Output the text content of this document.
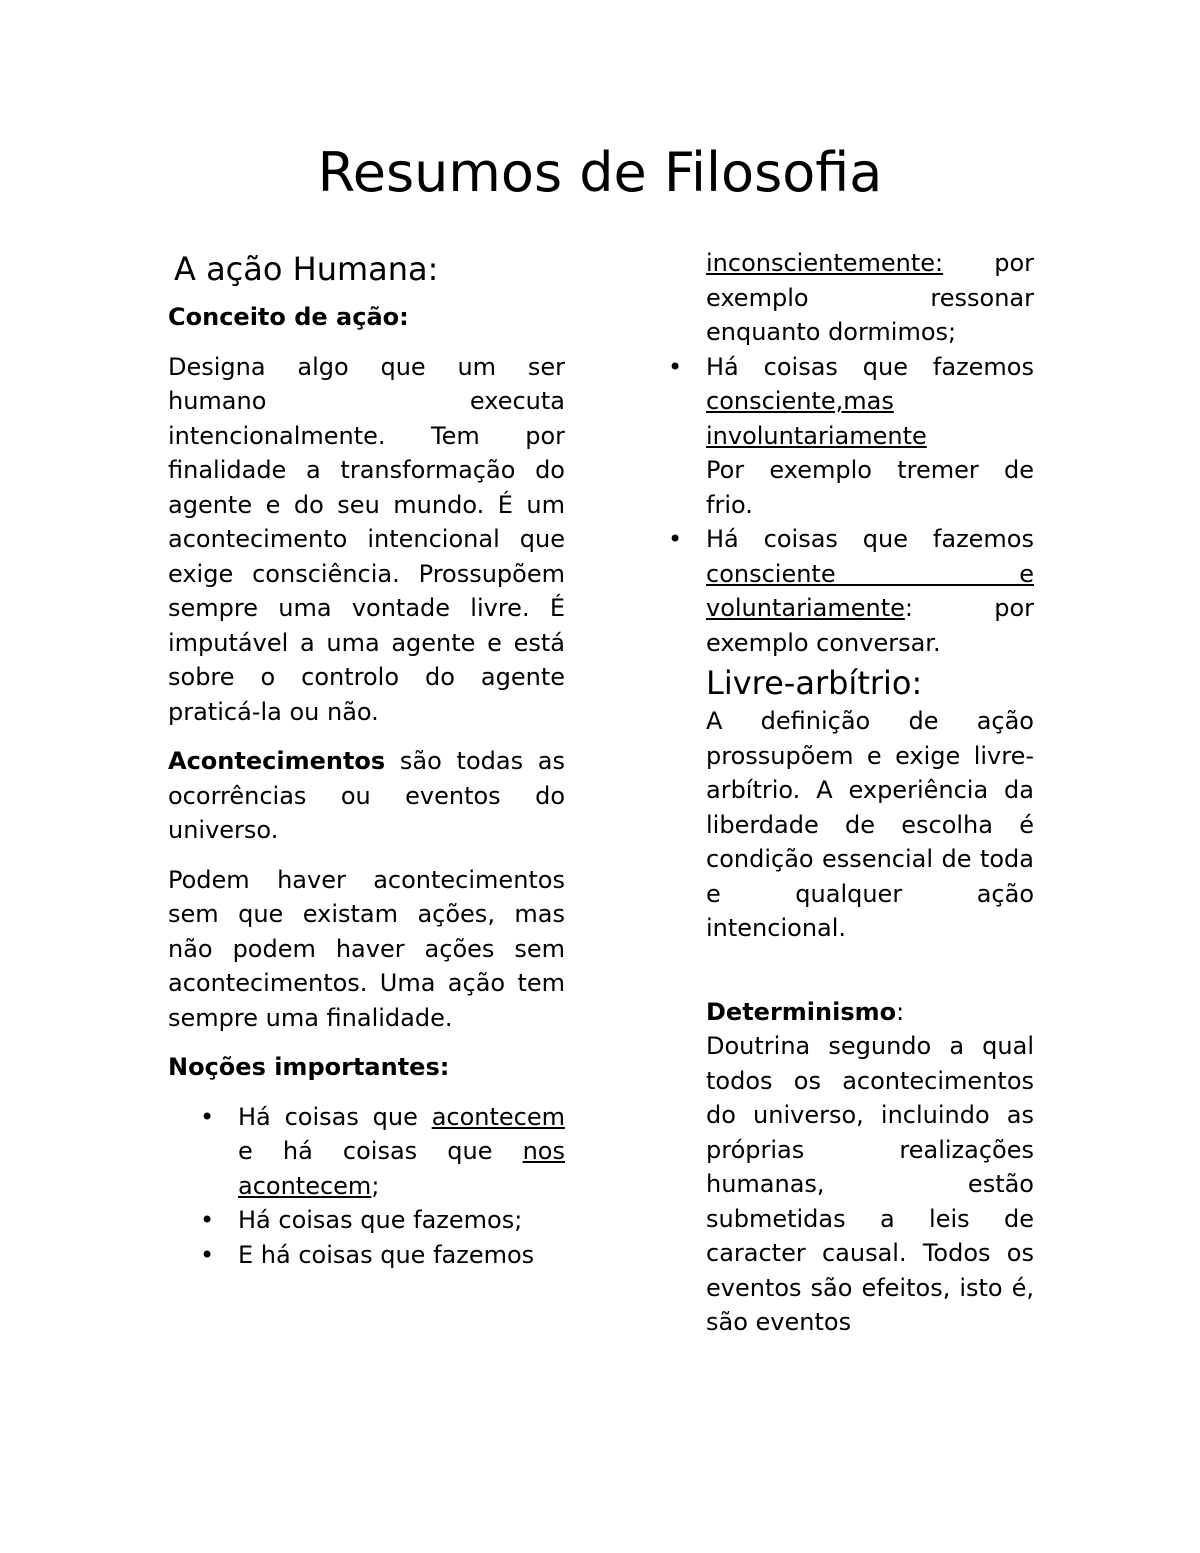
Resumos de Filosofia
A ação Humana:

Conceito de ação:

Designa algo que um ser humano executa intencionalmente. Tem por finalidade a transformação do agente e do seu mundo. É um acontecimento intencional que exige consciência. Prossupõem sempre uma vontade livre. É imputável a uma agente e está sobre o controlo do agente praticá-la ou não.

Acontecimentos são todas as ocorrências ou eventos do universo.

Podem haver acontecimentos sem que existam ações, mas não podem haver ações sem acontecimentos. Uma ação tem sempre uma finalidade.

Noções importantes:

• Há coisas que acontecem e há coisas que nos acontecem;
• Há coisas que fazemos;
• E há coisas que fazemos

inconscientemente: por exemplo ressonar enquanto dormimos;

• Há coisas que fazemos consciente,mas involuntariamente
Por exemplo tremer de frio.
• Há coisas que fazemos consciente e voluntariamente: por exemplo conversar.
Livre-arbítrio:

A definição de ação prossupõem e exige livre-arbítrio. A experiência da liberdade de escolha é condição essencial de toda e qualquer ação intencional.

Determinismo:

Doutrina segundo a qual todos os acontecimentos do universo, incluindo as próprias realizações humanas, estão submetidas a leis de caracter causal. Todos os eventos são efeitos, isto é, são eventos
